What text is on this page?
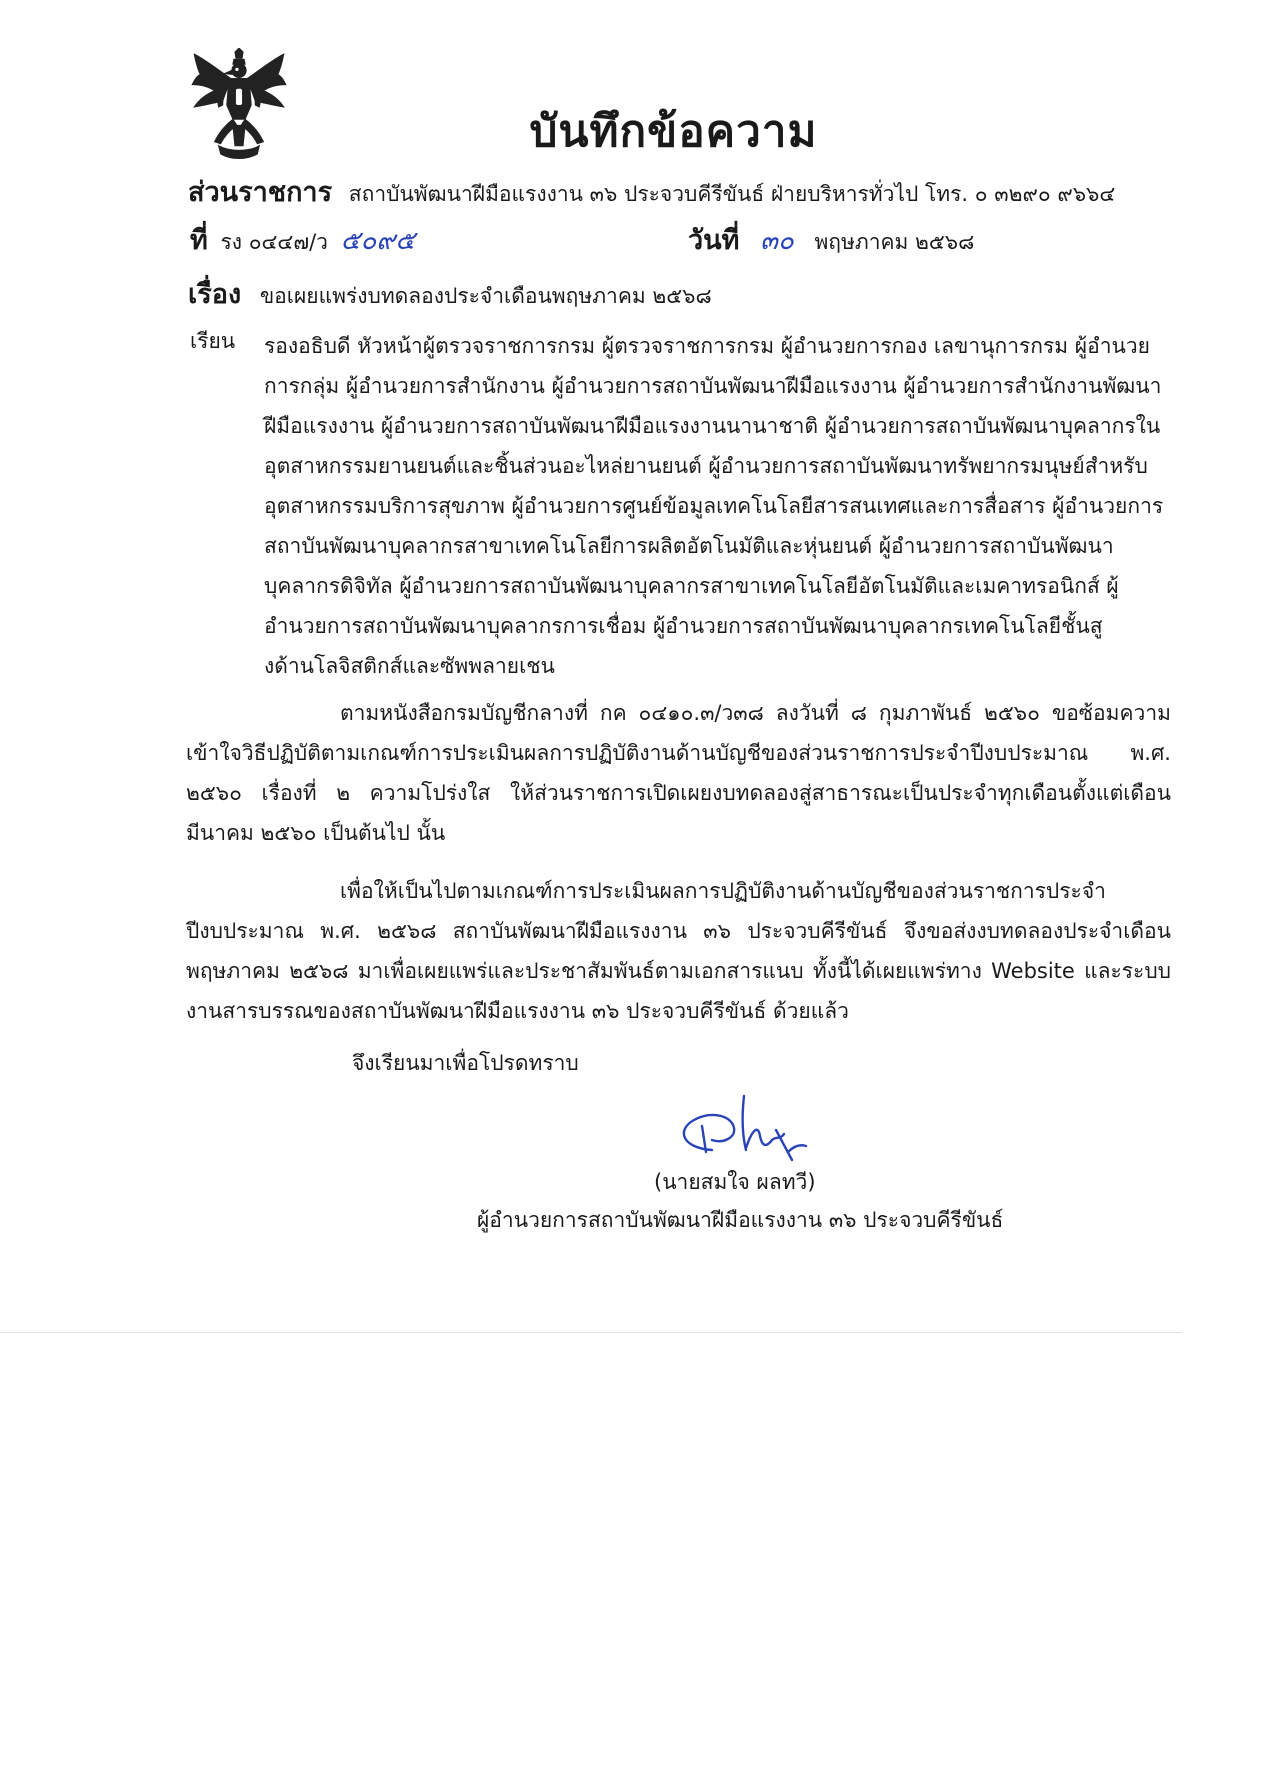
บันทึกข้อความ
ส่วนราชการ สถาบันพัฒนาฝีมือแรงงาน ๓๖ ประจวบคีรีขันธ์ ฝ่ายบริหารทั่วไป โทร. ๐ ๓๒๙๐ ๙๖๖๔
ที่ รง ๐๔๔๗/ว ๕๐๙๕	วันที่ ๓๐ พฤษภาคม ๒๕๖๘
เรื่อง ขอเผยแพร่งบทดลองประจำเดือนพฤษภาคม ๒๕๖๘
เรียน รองอธิบดี หัวหน้าผู้ตรวจราชการกรม ผู้ตรวจราชการกรม ผู้อำนวยการกอง เลขานุการกรม ผู้อำนวยการกลุ่ม ผู้อำนวยการสำนักงาน ผู้อำนวยการสถาบันพัฒนาฝีมือแรงงาน ผู้อำนวยการสำนักงานพัฒนาฝีมือแรงงาน ผู้อำนวยการสถาบันพัฒนาฝีมือแรงงานนานาชาติ ผู้อำนวยการสถาบันพัฒนาบุคลากรในอุตสาหกรรมยานยนต์และชิ้นส่วนอะไหล่ยานยนต์ ผู้อำนวยการสถาบันพัฒนาทรัพยากรมนุษย์สำหรับอุตสาหกรรมบริการสุขภาพ ผู้อำนวยการศูนย์ข้อมูลเทคโนโลยีสารสนเทศและการสื่อสาร ผู้อำนวยการสถาบันพัฒนาบุคลากรสาขาเทคโนโลยีการผลิตอัตโนมัติและหุ่นยนต์ ผู้อำนวยการสถาบันพัฒนาบุคลากรดิจิทัล ผู้อำนวยการสถาบันพัฒนาบุคลากรสาขาเทคโนโลยีอัตโนมัติและเมคาทรอนิกส์ ผู้อำนวยการสถาบันพัฒนาบุคลากรการเชื่อม ผู้อำนวยการสถาบันพัฒนาบุคลากรเทคโนโลยีชั้นสูงด้านโลจิสติกส์และซัพพลายเชน
ตามหนังสือกรมบัญชีกลางที่ กค ๐๔๑๐.๓/ว๓๘ ลงวันที่ ๘ กุมภาพันธ์ ๒๕๖๐ ขอซ้อมความเข้าใจวิธีปฏิบัติตามเกณฑ์การประเมินผลการปฏิบัติงานด้านบัญชีของส่วนราชการประจำปีงบประมาณ พ.ศ. ๒๕๖๐ เรื่องที่ ๒ ความโปร่งใส ให้ส่วนราชการเปิดเผยงบทดลองสู่สาธารณะเป็นประจำทุกเดือนตั้งแต่เดือนมีนาคม ๒๕๖๐ เป็นต้นไป นั้น
เพื่อให้เป็นไปตามเกณฑ์การประเมินผลการปฏิบัติงานด้านบัญชีของส่วนราชการประจำปีงบประมาณ พ.ศ. ๒๕๖๘ สถาบันพัฒนาฝีมือแรงงาน ๓๖ ประจวบคีรีขันธ์ จึงขอส่งงบทดลองประจำเดือนพฤษภาคม ๒๕๖๘ มาเพื่อเผยแพร่และประชาสัมพันธ์ตามเอกสารแนบ ทั้งนี้ได้เผยแพร่ทาง Website และระบบงานสารบรรณของสถาบันพัฒนาฝีมือแรงงาน ๓๖ ประจวบคีรีขันธ์ ด้วยแล้ว
จึงเรียนมาเพื่อโปรดทราบ
(นายสมใจ ผลทวี)
ผู้อำนวยการสถาบันพัฒนาฝีมือแรงงาน ๓๖ ประจวบคีรีขันธ์
